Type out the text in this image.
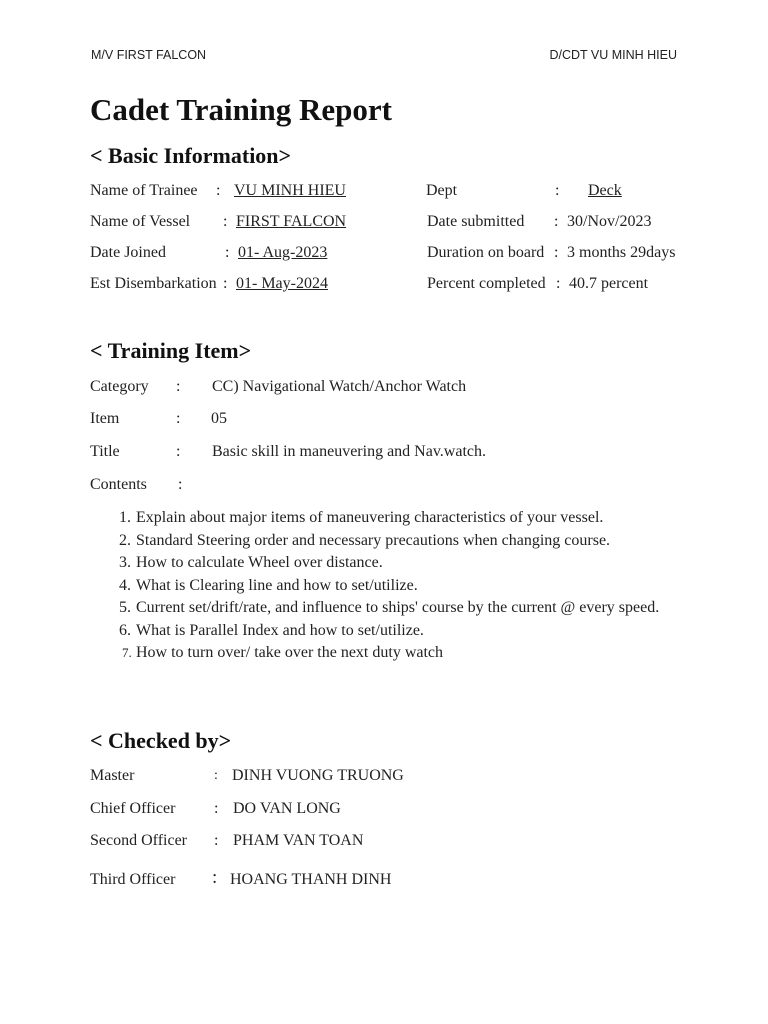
M/V FIRST FALCON	D/CDT VU MINH HIEU
Cadet Training Report
< Basic Information>
Name of Trainee : VU MINH HIEU	Dept	: Deck
Name of Vessel : FIRST FALCON	Date submitted : 30/Nov/2023
Date Joined	: 01- Aug-2023	Duration on board : 3 months 29days
Est Disembarkation : 01- May-2024	Percent completed : 40.7 percent
< Training Item>
Category : CC) Navigational Watch/Anchor Watch
Item	: 05
Title	: Basic skill in maneuvering and Nav.watch.
Contents :
1. Explain about major items of maneuvering characteristics of your vessel.
2. Standard Steering order and necessary precautions when changing course.
3. How to calculate Wheel over distance.
4. What is Clearing line and how to set/utilize.
5. Current set/drift/rate, and influence to ships' course by the current @ every speed.
6. What is Parallel Index and how to set/utilize.
7. How to turn over/ take over the next duty watch
< Checked by>
Master	: DINH VUONG TRUONG
Chief Officer : DO VAN LONG
Second Officer : PHAM VAN TOAN
Third Officer : HOANG THANH DINH
